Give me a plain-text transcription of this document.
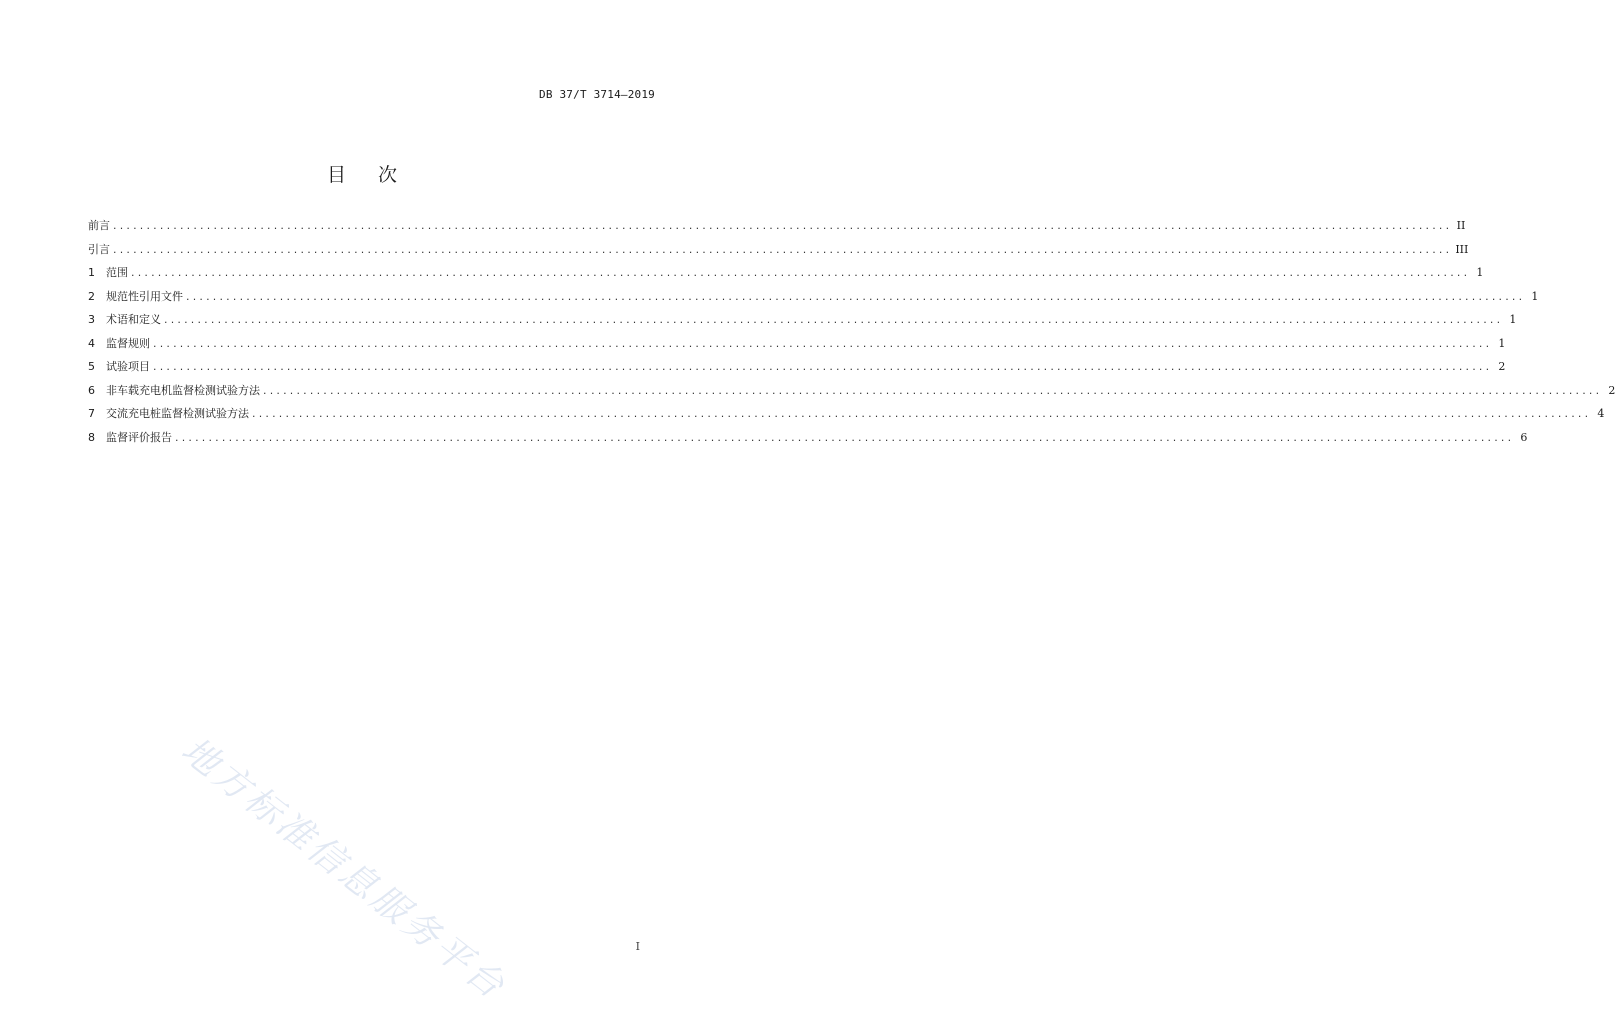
DB 37/T 3714—2019
目次
前言 ........................................................................................................................................................................................................ II
引言 ........................................................................................................................................................................................................ III
1	范围 ........................................................................................................................................................................................................ 1
2	规范性引用文件 ........................................................................................................................................................................................................ 1
3	术语和定义 ........................................................................................................................................................................................................ 1
4	监督规则 ........................................................................................................................................................................................................ 1
5	试验项目 ........................................................................................................................................................................................................ 2
6	非车载充电机监督检测试验方法 ........................................................................................................................................................................................................ 2
7	交流充电桩监督检测试验方法 ........................................................................................................................................................................................................ 4
8	监督评价报告 ........................................................................................................................................................................................................ 6
地方标准信息服务平台	I
